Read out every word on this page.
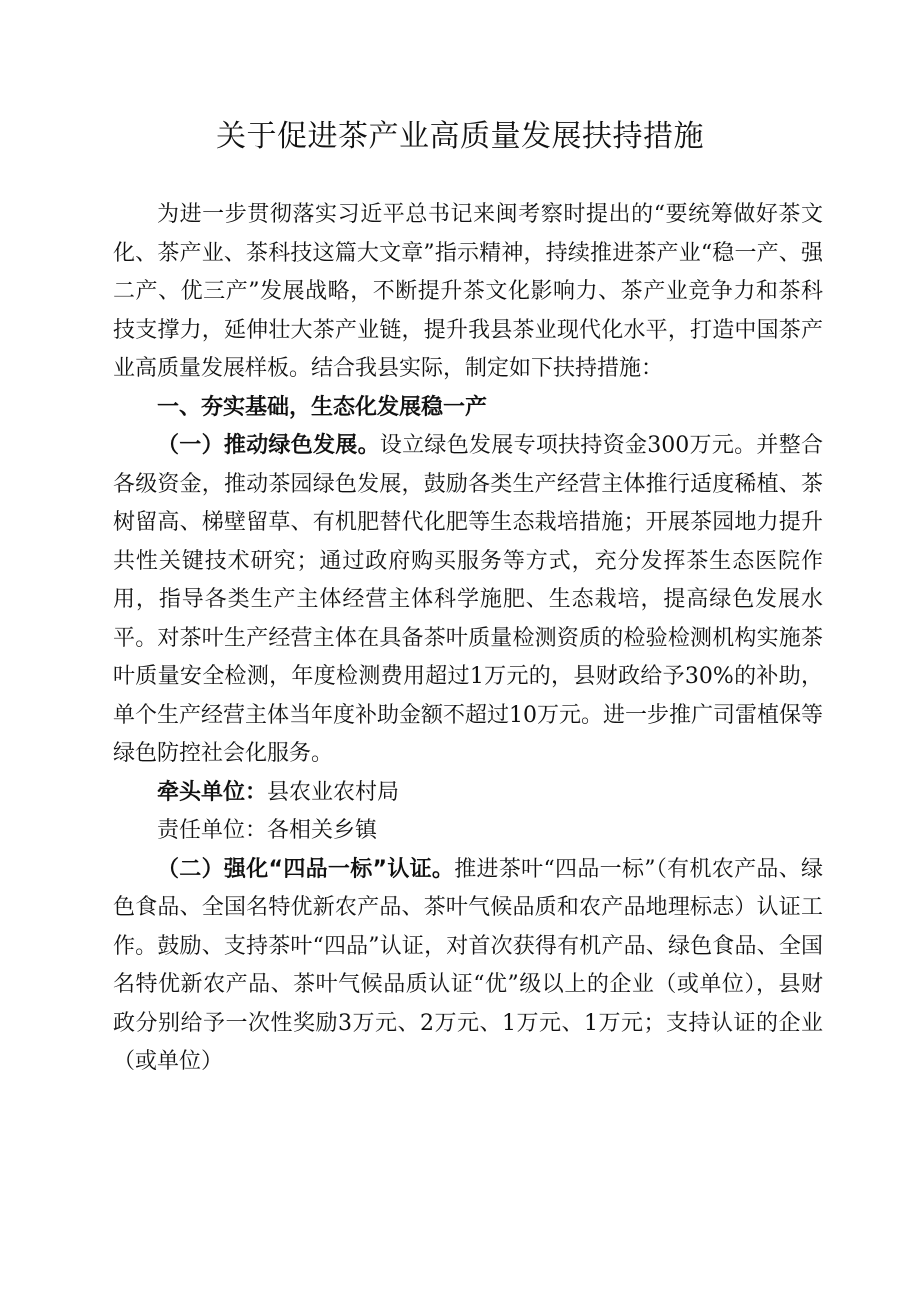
关于促进茶产业高质量发展扶持措施

为进一步贯彻落实习近平总书记来闽考察时提出的“要统筹做好茶文化、茶产业、茶科技这篇大文章”指示精神，持续推进茶产业“稳一产、强二产、优三产”发展战略，不断提升茶文化影响力、茶产业竞争力和茶科技支撑力，延伸壮大茶产业链，提升我县茶业现代化水平，打造中国茶产业高质量发展样板。结合我县实际，制定如下扶持措施：

一、夯实基础，生态化发展稳一产

（一）推动绿色发展。设立绿色发展专项扶持资金300万元。并整合各级资金，推动茶园绿色发展，鼓励各类生产经营主体推行适度稀植、茶树留高、梯壁留草、有机肥替代化肥等生态栽培措施；开展茶园地力提升共性关键技术研究；通过政府购买服务等方式，充分发挥茶生态医院作用，指导各类生产主体经营主体科学施肥、生态栽培，提高绿色发展水平。对茶叶生产经营主体在具备茶叶质量检测资质的检验检测机构实施茶叶质量安全检测，年度检测费用超过1万元的，县财政给予30%的补助，单个生产经营主体当年度补助金额不超过10万元。进一步推广司雷植保等绿色防控社会化服务。

牵头单位：县农业农村局

责任单位：各相关乡镇

（二）强化“四品一标”认证。推进茶叶“四品一标”（有机农产品、绿色食品、全国名特优新农产品、茶叶气候品质和农产品地理标志）认证工作。鼓励、支持茶叶“四品”认证，对首次获得有机产品、绿色食品、全国名特优新农产品、茶叶气候品质认证“优”级以上的企业（或单位），县财政分别给予一次性奖励3万元、2万元、1万元、1万元；支持认证的企业（或单位）
